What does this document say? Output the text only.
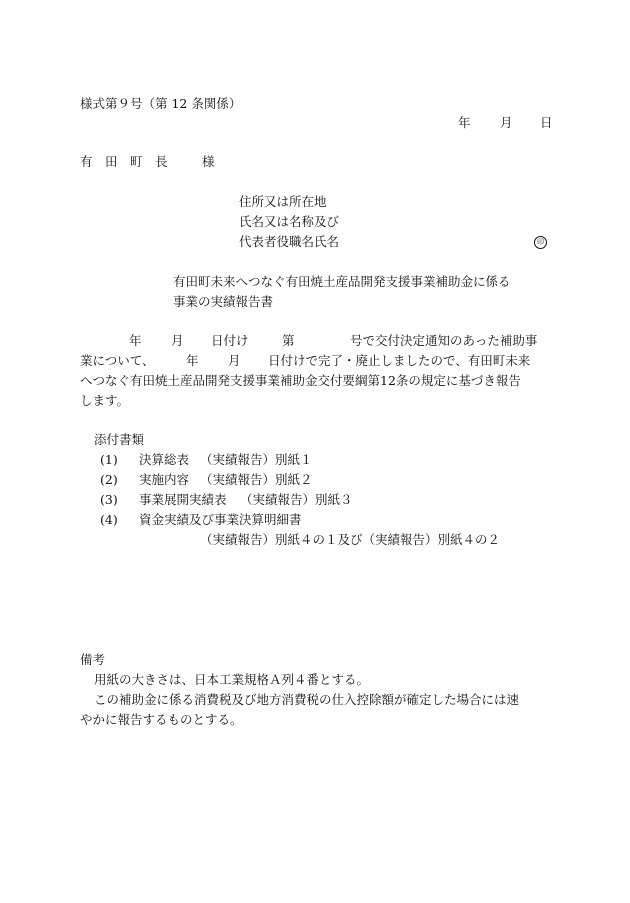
様式第９号（第 12 条関係）
年 月 日
有　田　町　長	様
住所又は所在地
氏名又は名称及び
代表者役職名氏名	印
有田町未来へつなぐ有田焼土産品開発支援事業補助金に係る
事業の実績報告書
年 月 日付け	第	号で交付決定通知のあった補助事
業について、	年 月 日付けで完了・廃止しましたので、有田町未来
へつなぐ有田焼土産品開発支援事業補助金交付要綱第12条の規定に基づき報告
します。
添付書類
(1) 決算総表 （実績報告）別紙１
(2) 実施内容 （実績報告）別紙２
(3) 事業展開実績表 （実績報告）別紙３
(4) 資金実績及び事業決算明細書
（実績報告）別紙４の１及び（実績報告）別紙４の２
備考
用紙の大きさは、日本工業規格Ａ列４番とする。
この補助金に係る消費税及び地方消費税の仕入控除額が確定した場合には速
やかに報告するものとする。
